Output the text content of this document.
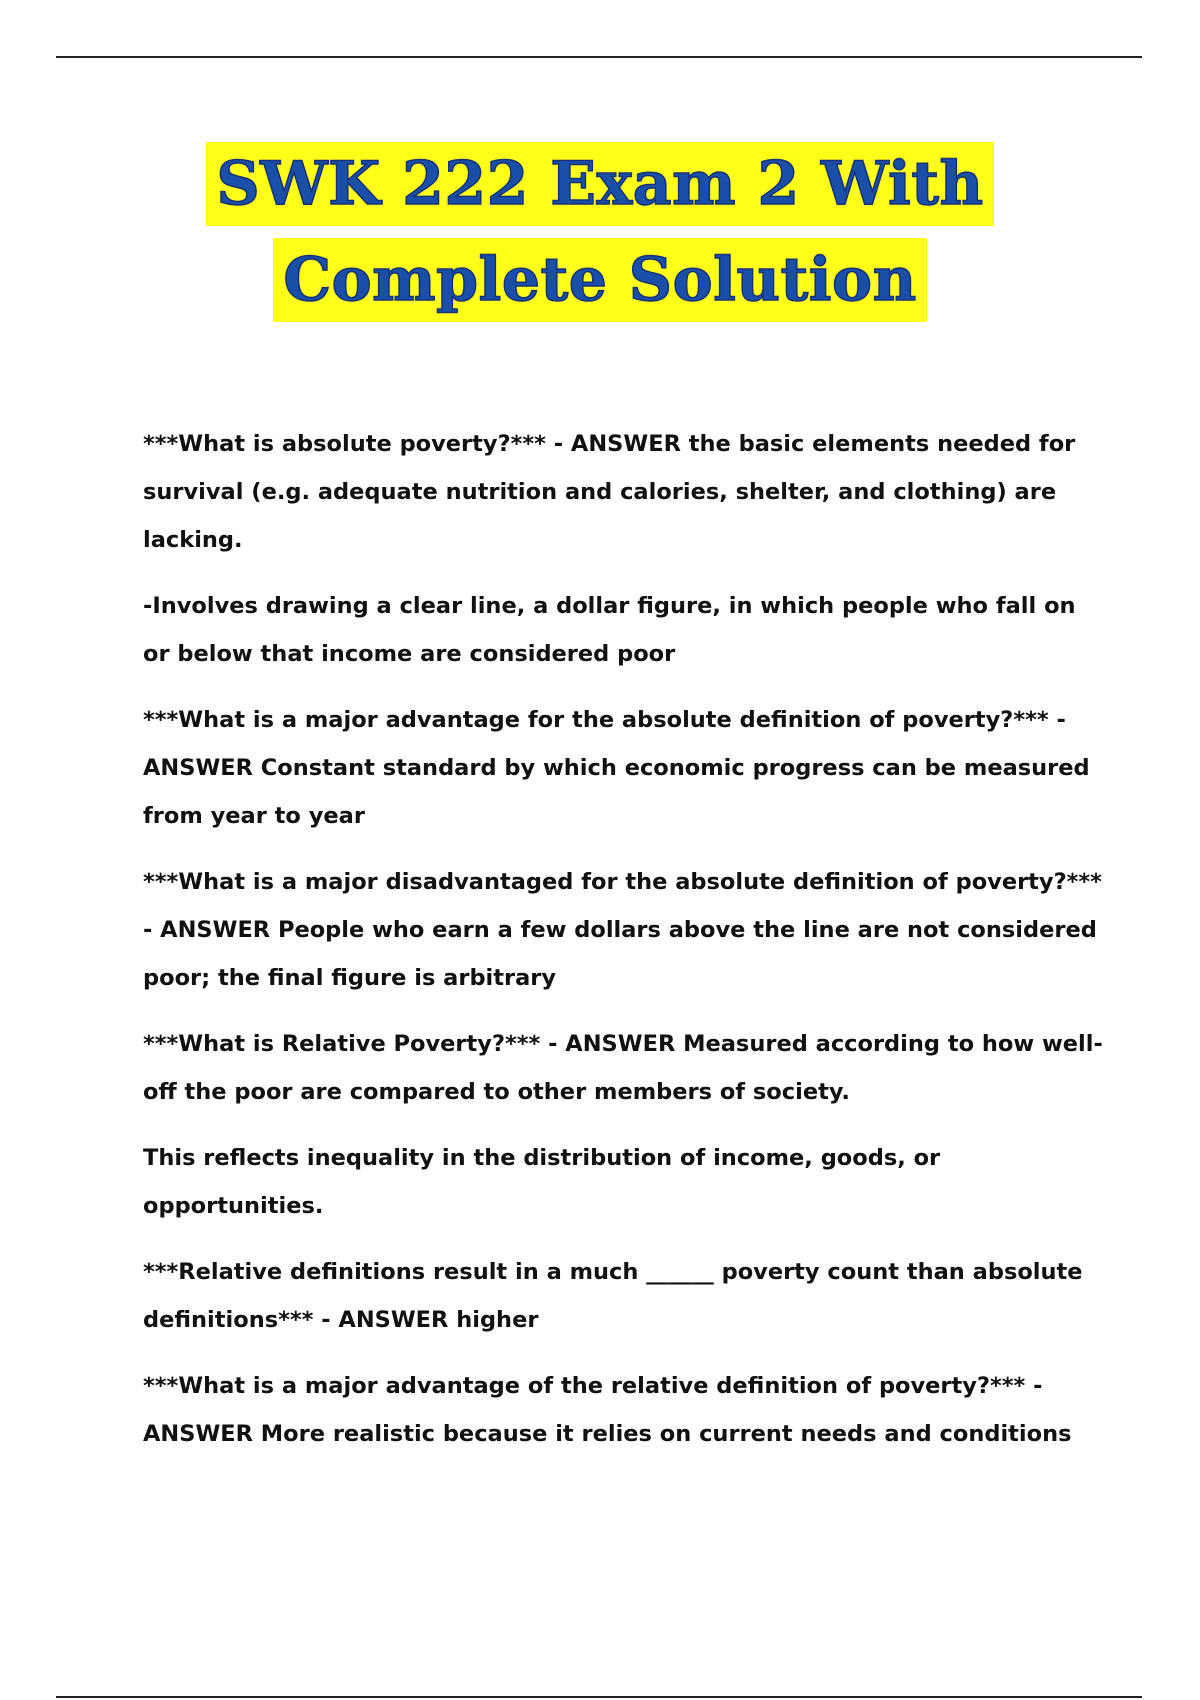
SWK 222 Exam 2 With
Complete Solution

***What is absolute poverty?*** - ANSWER the basic elements needed for survival (e.g. adequate nutrition and calories, shelter, and clothing) are lacking.

-Involves drawing a clear line, a dollar figure, in which people who fall on or below that income are considered poor

***What is a major advantage for the absolute definition of poverty?*** - ANSWER Constant standard by which economic progress can be measured from year to year

***What is a major disadvantaged for the absolute definition of poverty?*** - ANSWER People who earn a few dollars above the line are not considered poor; the final figure is arbitrary

***What is Relative Poverty?*** - ANSWER Measured according to how well-off the poor are compared to other members of society.

This reflects inequality in the distribution of income, goods, or opportunities.

***Relative definitions result in a much ______ poverty count than absolute definitions*** - ANSWER higher

***What is a major advantage of the relative definition of poverty?*** - ANSWER More realistic because it relies on current needs and conditions
